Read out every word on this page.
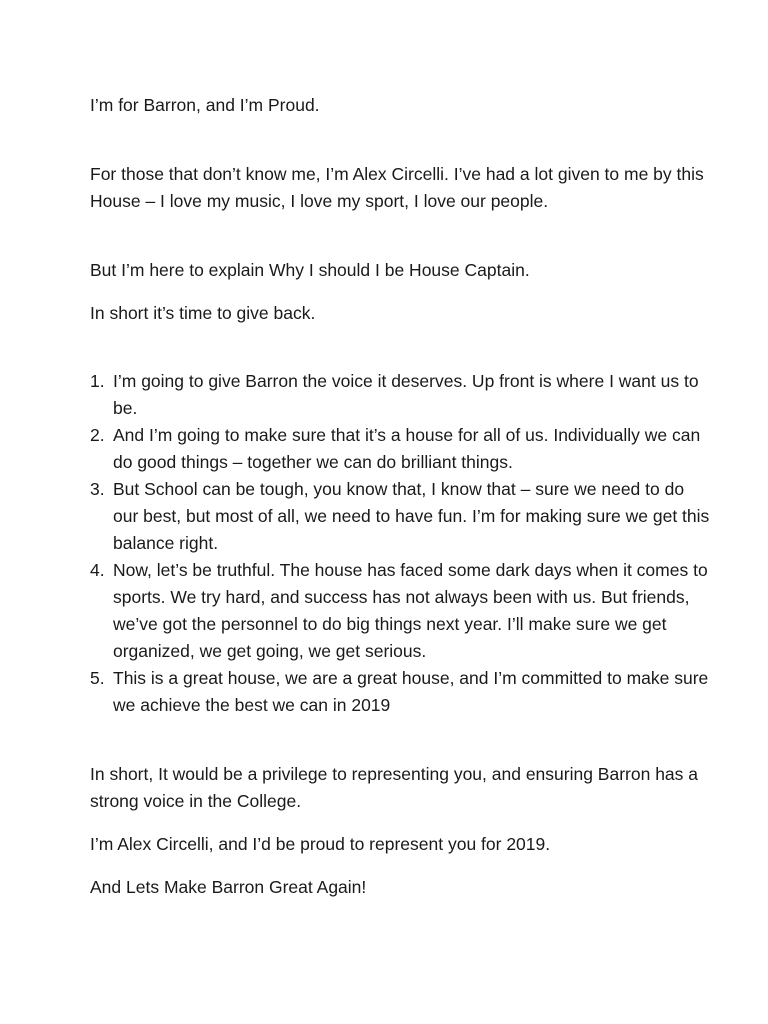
I’m for Barron, and I’m Proud.

For those that don’t know me, I’m Alex Circelli. I’ve had a lot given to me by this House – I love my music, I love my sport, I love our people.

But I’m here to explain Why I should I be House Captain.

In short it’s time to give back.

1. I’m going to give Barron the voice it deserves. Up front is where I want us to be.
2. And I’m going to make sure that it’s a house for all of us. Individually we can do good things – together we can do brilliant things.
3. But School can be tough, you know that, I know that – sure we need to do our best, but most of all, we need to have fun. I’m for making sure we get this balance right.
4. Now, let’s be truthful. The house has faced some dark days when it comes to sports. We try hard, and success has not always been with us. But friends, we’ve got the personnel to do big things next year. I’ll make sure we get organized, we get going, we get serious.
5. This is a great house, we are a great house, and I’m committed to make sure we achieve the best we can in 2019

In short, It would be a privilege to representing you, and ensuring Barron has a strong voice in the College.

I’m Alex Circelli, and I’d be proud to represent you for 2019.

And Lets Make Barron Great Again!
